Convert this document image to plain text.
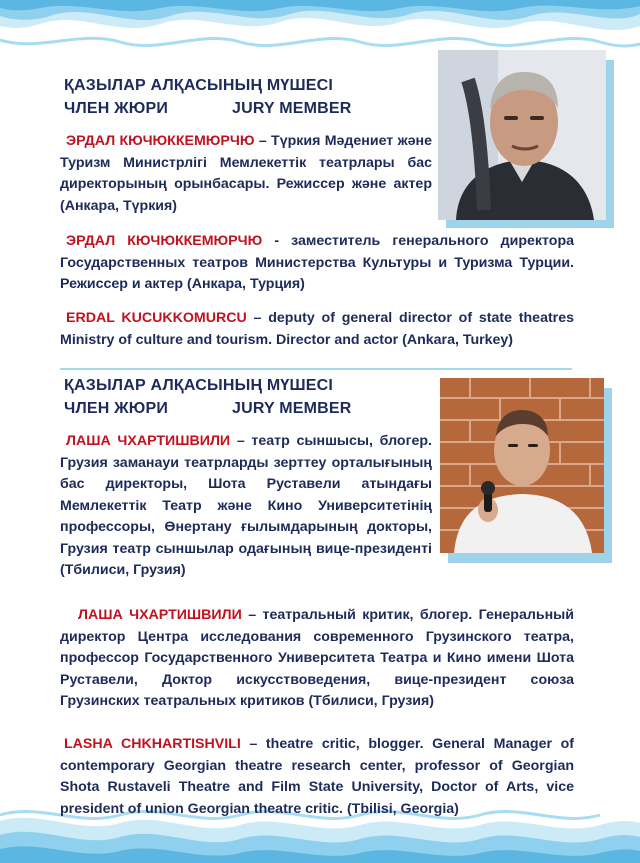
ҚАЗЫЛАР АЛҚАСЫНЫҢ МҮШЕСІ
ЧЛЕН ЖЮРИ	JURY MEMBER
ЭРДАЛ КЮЧЮККЕМЮРЧЮ – Түркия Мәдениет және Туризм Министрлігі Мемлекеттік театрлары бас директорының орынбасары. Режиссер және актер (Анкара, Түркия)
ЭРДАЛ КЮЧЮККЕМЮРЧЮ - заместитель генерального директора Государственных театров Министерства Культуры и Туризма Турции. Режиссер и актер (Анкара, Турция)
ERDAL KUCUKKOMURCU – deputy of general director of state theatres Ministry of culture and tourism. Director and actor (Ankara, Turkey)
ҚАЗЫЛАР АЛҚАСЫНЫҢ МҮШЕСІ
ЧЛЕН ЖЮРИ	JURY MEMBER
ЛАША ЧХАРТИШВИЛИ – театр сыншысы, блогер. Грузия заманауи театрларды зерттеу орталығының бас директоры, Шота Руставели атындағы Мемлекеттік Театр және Кино Университетінің профессоры, Өнертану ғылымдарының докторы, Грузия театр сыншылар одағының вице-президенті (Тбилиси, Грузия)
ЛАША ЧХАРТИШВИЛИ – театральный критик, блогер. Генеральный директор Центра исследования современного Грузинского театра, профессор Государственного Университета Театра и Кино имени Шота Руставели, Доктор искусствоведения, вице-президент союза Грузинских театральных критиков (Тбилиси, Грузия)
LASHA CHKHARTISHVILI – theatre critic, blogger. General Manager of contemporary Georgian theatre research center, professor of Georgian Shota Rustaveli Theatre and Film State University, Doctor of Arts, vice president of union Georgian theatre critic. (Tbilisi, Georgia)
